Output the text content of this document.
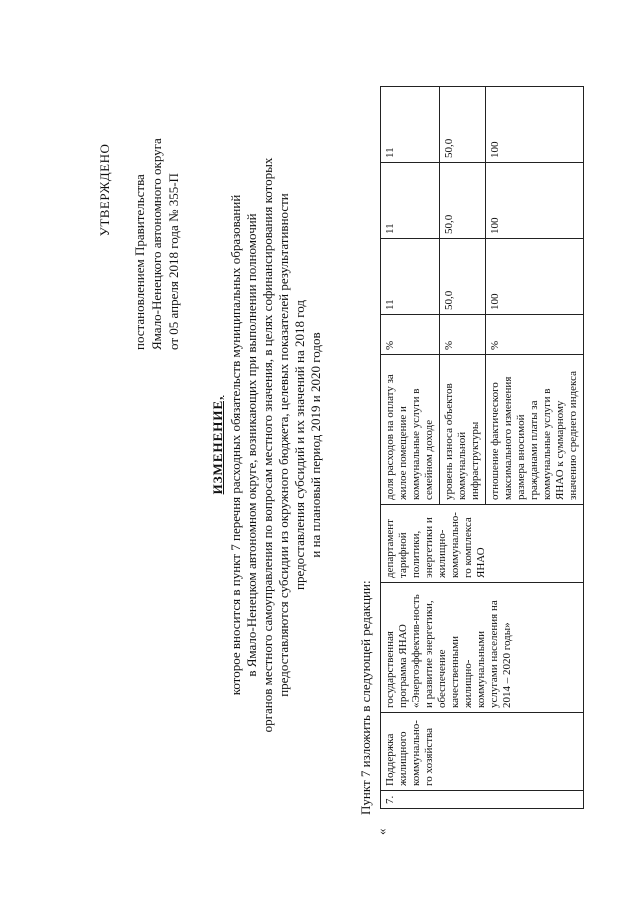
УТВЕРЖДЕНО постановлением Правительства Ямало-Ненецкого автономного округа от 05 апреля 2018 года № 355-П
ИЗМЕНЕНИЕ, которое вносится в пункт 7 перечня расходных обязательств муниципальных образований в Ямало-Ненецком автономном округе, возникающих при выполнении полномочий органов местного самоуправления по вопросам местного значения, в целях софинансирования которых предоставляются субсидии из окружного бюджета, целевых показателей результативности предоставления субсидий и их значений на 2018 год и на плановый период 2019 и 2020 годов
Пункт 7 изложить в следующей редакции:
«
7.	Поддержка жилищного коммунально-го хозяйства	государственная программа ЯНАО «Энергоэффектив-ность и развитие энергетики, обеспечение качественными жилищно-коммунальными услугами населения на 2014 – 2020 годы»	департамент тарифной политики, энергетики и жилищно-коммунально-го комплекса ЯНАО	доля расходов на оплату за жилое помещение и коммунальные услуги в семейном доходе	%	11	11	11
				уровень износа объектов коммунальной инфраструктуры	%	50,0	50,0	50,0
				отношение фактического максимального изменения размера вносимой гражданами платы за коммунальные услуги в ЯНАО к суммарному значению среднего индекса	%	100	100	100
